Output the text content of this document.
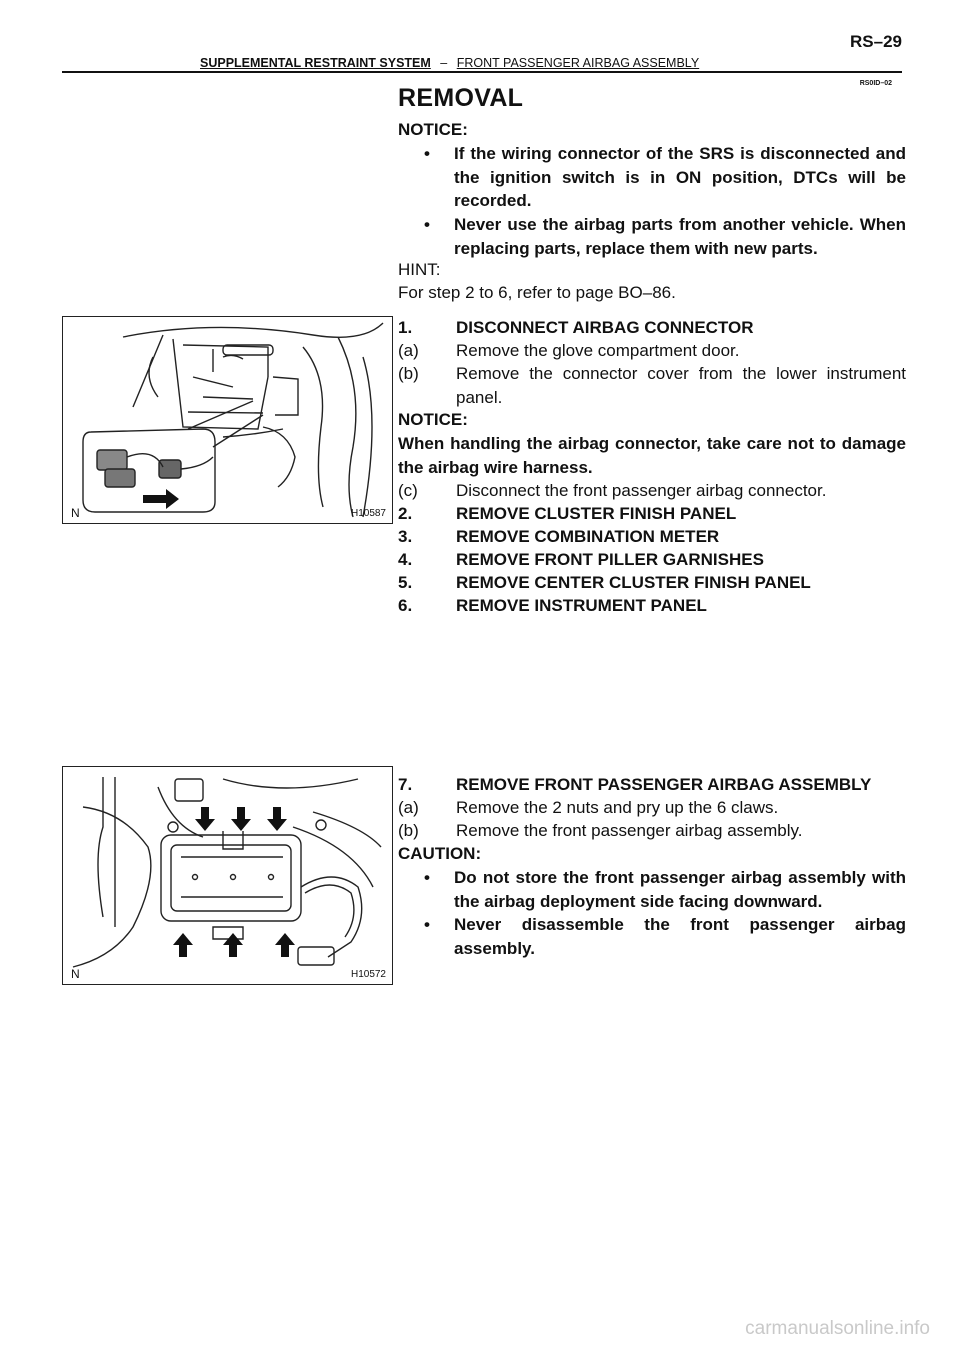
RS–29
SUPPLEMENTAL RESTRAINT SYSTEM – FRONT PASSENGER AIRBAG ASSEMBLY
RS0ID–02
REMOVAL
NOTICE:
• If the wiring connector of the SRS is disconnected and the ignition switch is in ON position, DTCs will be recorded.
• Never use the airbag parts from another vehicle. When replacing parts, replace them with new parts.
HINT:
For step 2 to 6, refer to page BO–86.
1.	DISCONNECT AIRBAG CONNECTOR
(a) Remove the glove compartment door.
(b) Remove the connector cover from the lower instrument panel.
NOTICE:
When handling the airbag connector, take care not to damage the airbag wire harness.
(c) Disconnect the front passenger airbag connector.
2.	REMOVE CLUSTER FINISH PANEL
3.	REMOVE COMBINATION METER
4.	REMOVE FRONT PILLER GARNISHES
5.	REMOVE CENTER CLUSTER FINISH PANEL
6.	REMOVE INSTRUMENT PANEL
7.	REMOVE FRONT PASSENGER AIRBAG ASSEMBLY
(a) Remove the 2 nuts and pry up the 6 claws.
(b) Remove the front passenger airbag assembly.
CAUTION:
• Do not store the front passenger airbag assembly with the airbag deployment side facing downward.
• Never disassemble the front passenger airbag assembly.
N	H10587
N	H10572
carmanualsonline.info
